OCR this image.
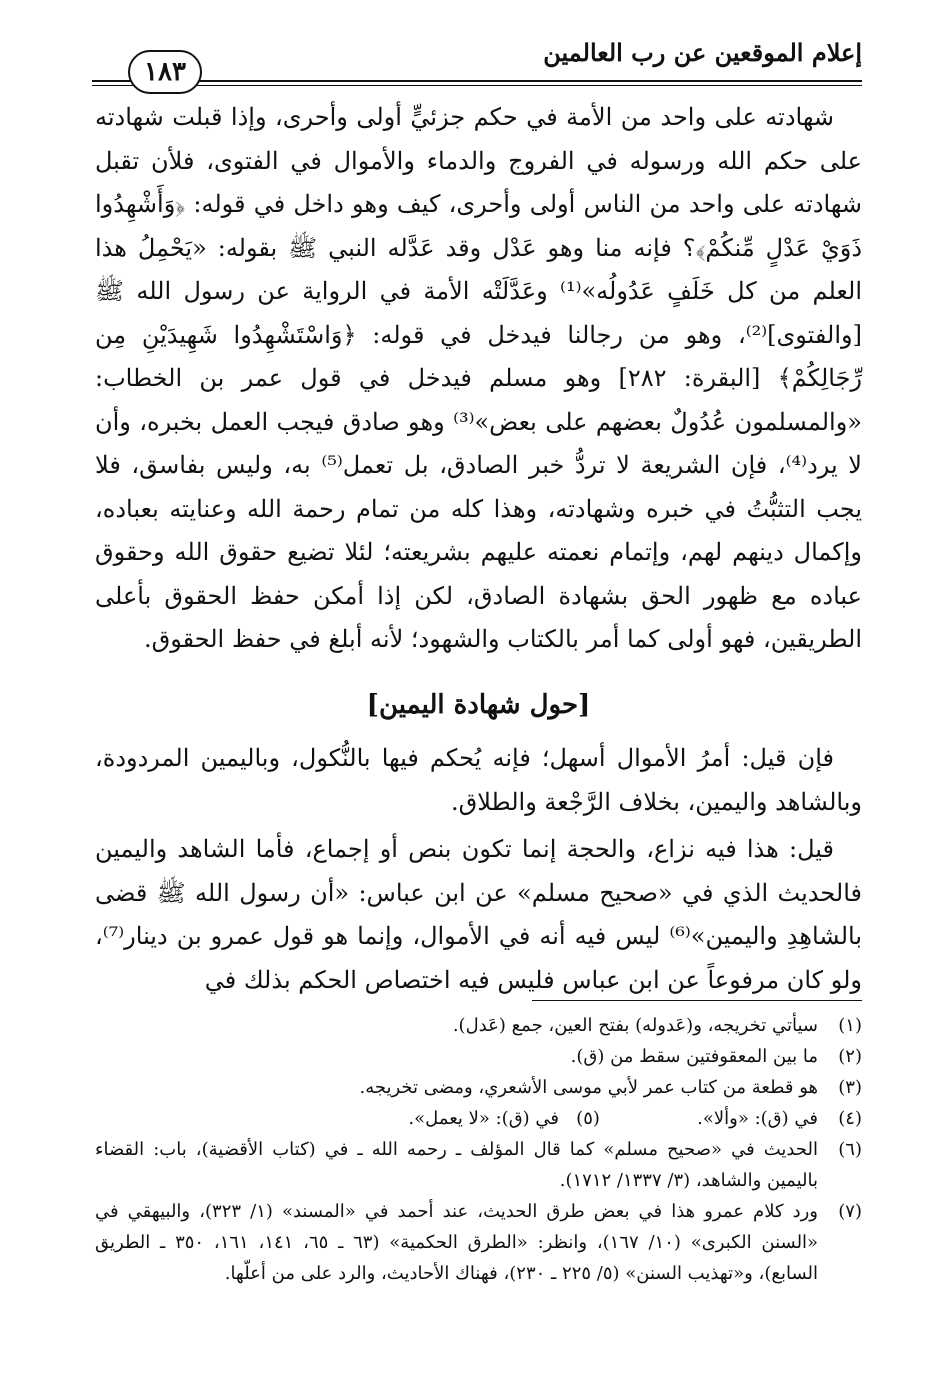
إعلام الموقعين عن رب العالمين
١٨٣

شهادته على واحد من الأمة في حكم جزئيٍّ أولى وأحرى، وإذا قبلت شهادته على حكم الله ورسوله في الفروج والدماء والأموال في الفتوى، فلأن تقبل شهادته على واحد من الناس أولى وأحرى، كيف وهو داخل في قوله: ﴿وَأَشْهِدُوا ذَوَيْ عَدْلٍ مِّنكُمْ﴾؟ فإنه منا وهو عَدْل وقد عَدَّله النبي ﷺ بقوله: «يَحْمِلُ هذا العلم من كل خَلَفٍ عَدُولُه»⁽¹⁾ وعَدَّلَتْه الأمة في الرواية عن رسول الله ﷺ [والفتوى]⁽²⁾، وهو من رجالنا فيدخل في قوله: ﴿وَاسْتَشْهِدُوا شَهِيدَيْنِ مِن رِّجَالِكُمْ﴾ [البقرة: ٢٨٢] وهو مسلم فيدخل في قول عمر بن الخطاب: «والمسلمون عُدُولٌ بعضهم على بعض»⁽³⁾ وهو صادق فيجب العمل بخبره، وأن لا يرد⁽⁴⁾، فإن الشريعة لا تردُّ خبر الصادق، بل تعمل⁽⁵⁾ به، وليس بفاسق، فلا يجب التثبُّتُ في خبره وشهادته، وهذا كله من تمام رحمة الله وعنايته بعباده، وإكمال دينهم لهم، وإتمام نعمته عليهم بشريعته؛ لئلا تضيع حقوق الله وحقوق عباده مع ظهور الحق بشهادة الصادق، لكن إذا أمكن حفظ الحقوق بأعلى الطريقين، فهو أولى كما أمر بالكتاب والشهود؛ لأنه أبلغ في حفظ الحقوق.

[حول شهادة اليمين]

فإن قيل: أمرُ الأموال أسهل؛ فإنه يُحكم فيها بالنُّكول، وباليمين المردودة، وبالشاهد واليمين، بخلاف الرَّجْعة والطلاق.

قيل: هذا فيه نزاع، والحجة إنما تكون بنص أو إجماع، فأما الشاهد واليمين فالحديث الذي في «صحيح مسلم» عن ابن عباس: «أن رسول الله ﷺ قضى بالشاهِدِ واليمين»⁽⁶⁾ ليس فيه أنه في الأموال، وإنما هو قول عمرو بن دينار⁽⁷⁾، ولو كان مرفوعاً عن ابن عباس فليس فيه اختصاص الحكم بذلك في

(١)
سيأتي تخريجه، و(عَدوله) بفتح العين، جمع (عَدل).
(٢)
ما بين المعقوفتين سقط من (ق).
(٣)
هو قطعة من كتاب عمر لأبي موسى الأشعري، ومضى تخريجه.
(٤)
في (ق): «وألا».                 (٥)   في (ق): «لا يعمل».
(٦)
الحديث في «صحيح مسلم» كما قال المؤلف ـ رحمه الله ـ في (كتاب الأقضية)، باب: القضاء باليمين والشاهد، (٣/ ١٣٣٧/ ١٧١٢).
(٧)
ورد كلام عمرو هذا في بعض طرق الحديث، عند أحمد في «المسند» (١/ ٣٢٣)، والبيهقي في «السنن الكبرى» (١٠/ ١٦٧)، وانظر: «الطرق الحكمية» (٦٣ ـ ٦٥، ١٤١، ١٦١، ٣٥٠ ـ الطريق السابع)، و«تهذيب السنن» (٥/ ٢٢٥ ـ ٢٣٠)، فهناك الأحاديث، والرد على من أعلّها.
